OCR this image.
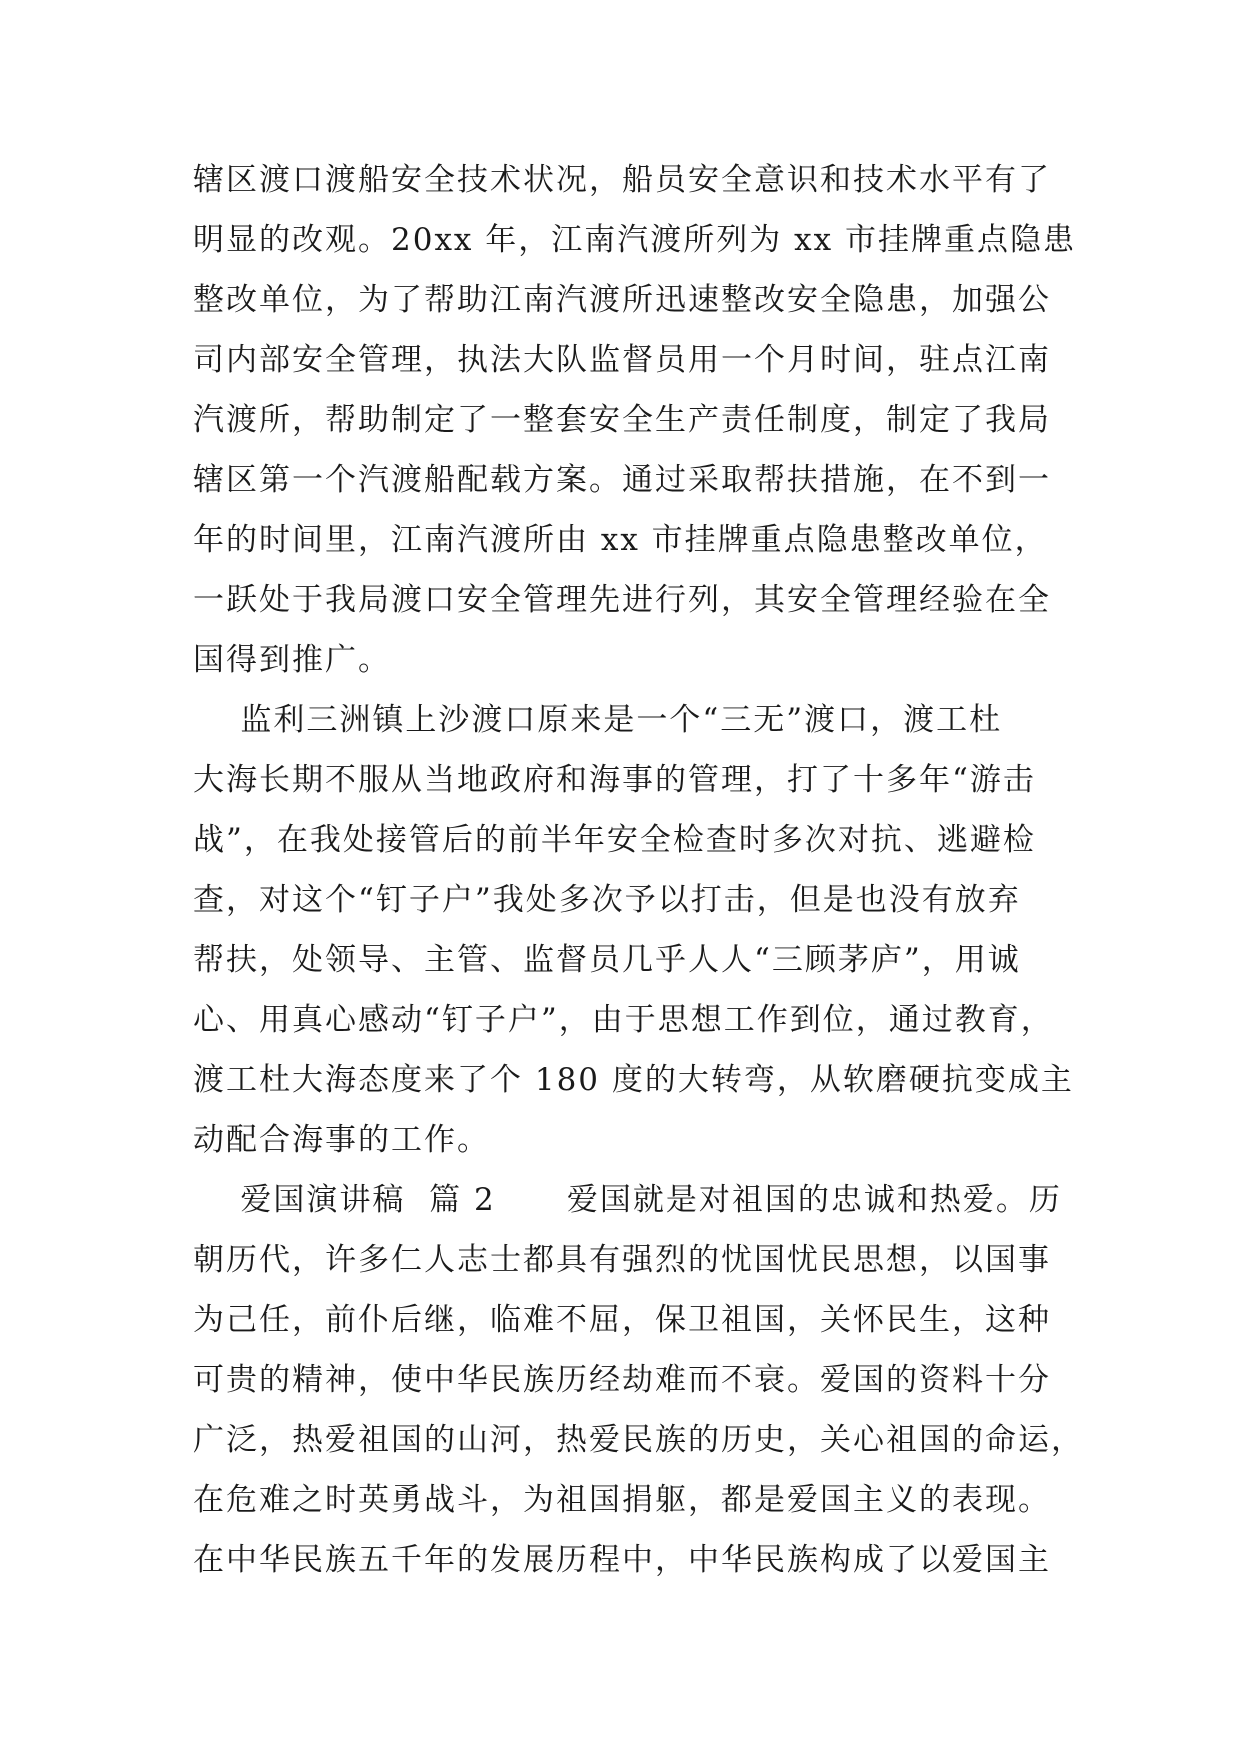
辖区渡口渡船安全技术状况，船员安全意识和技术水平有了
明显的改观。20xx 年，江南汽渡所列为 xx 市挂牌重点隐患
整改单位，为了帮助江南汽渡所迅速整改安全隐患，加强公
司内部安全管理，执法大队监督员用一个月时间，驻点江南
汽渡所，帮助制定了一整套安全生产责任制度，制定了我局
辖区第一个汽渡船配载方案。通过采取帮扶措施，在不到一
年的时间里，江南汽渡所由 xx 市挂牌重点隐患整改单位，
一跃处于我局渡口安全管理先进行列，其安全管理经验在全
国得到推广。
监利三洲镇上沙渡口原来是一个“三无”渡口，渡工杜
大海长期不服从当地政府和海事的管理，打了十多年“游击
战”，在我处接管后的前半年安全检查时多次对抗、逃避检
查，对这个“钉子户”我处多次予以打击，但是也没有放弃
帮扶，处领导、主管、监督员几乎人人“三顾茅庐”，用诚
心、用真心感动“钉子户”，由于思想工作到位，通过教育，
渡工杜大海态度来了个 180 度的大转弯，从软磨硬抗变成主
动配合海事的工作。
爱国演讲稿  篇 2      爱国就是对祖国的忠诚和热爱。历
朝历代，许多仁人志士都具有强烈的忧国忧民思想，以国事
为己任，前仆后继，临难不屈，保卫祖国，关怀民生，这种
可贵的精神，使中华民族历经劫难而不衰。爱国的资料十分
广泛，热爱祖国的山河，热爱民族的历史，关心祖国的命运，
在危难之时英勇战斗，为祖国捐躯，都是爱国主义的表现。
在中华民族五千年的发展历程中，中华民族构成了以爱国主
